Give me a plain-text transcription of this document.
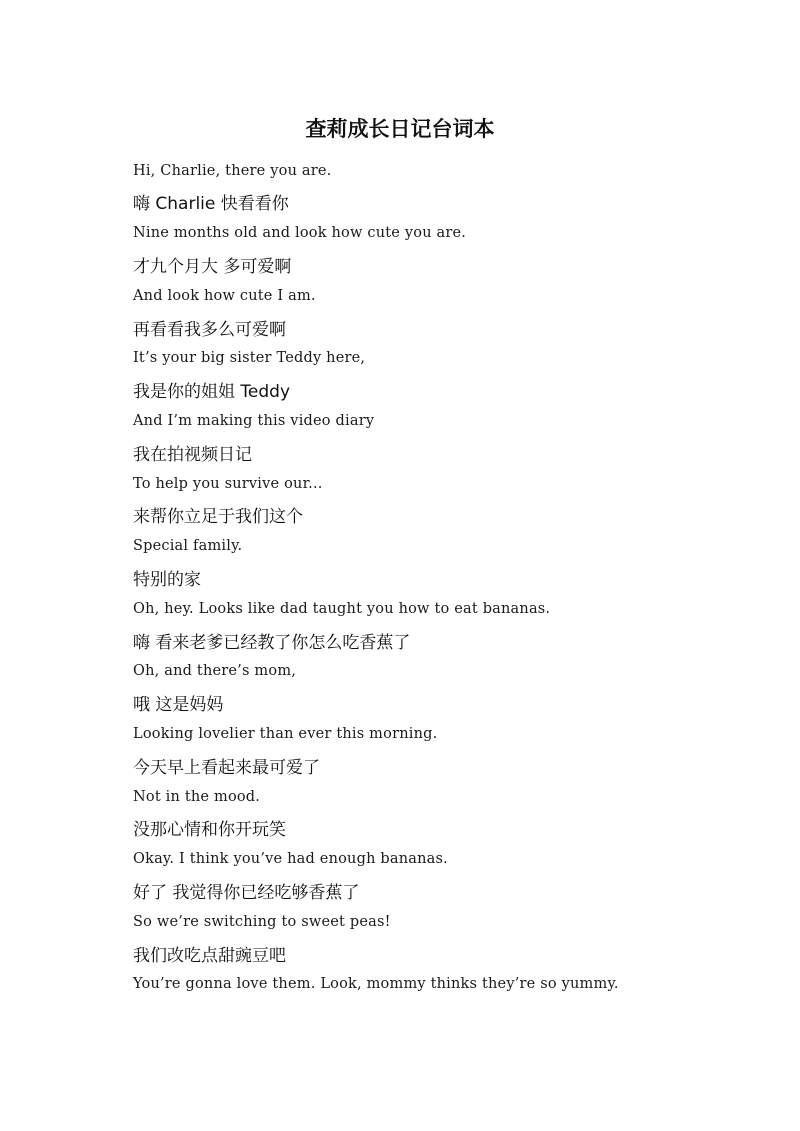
查莉成长日记台词本
Hi, Charlie, there you are.
嗨 Charlie 快看看你
Nine months old and look how cute you are.
才九个月大 多可爱啊
And look how cute I am.
再看看我多么可爱啊
It’s your big sister Teddy here,
我是你的姐姐 Teddy
And I’m making this video diary
我在拍视频日记
To help you survive our...
来帮你立足于我们这个
Special family.
特别的家
Oh, hey. Looks like dad taught you how to eat bananas.
嗨 看来老爹已经教了你怎么吃香蕉了
Oh, and there’s mom,
哦 这是妈妈
Looking lovelier than ever this morning.
今天早上看起来最可爱了
Not in the mood.
没那心情和你开玩笑
Okay. I think you’ve had enough bananas.
好了 我觉得你已经吃够香蕉了
So we’re switching to sweet peas!
我们改吃点甜豌豆吧
You’re gonna love them. Look, mommy thinks they’re so yummy.
